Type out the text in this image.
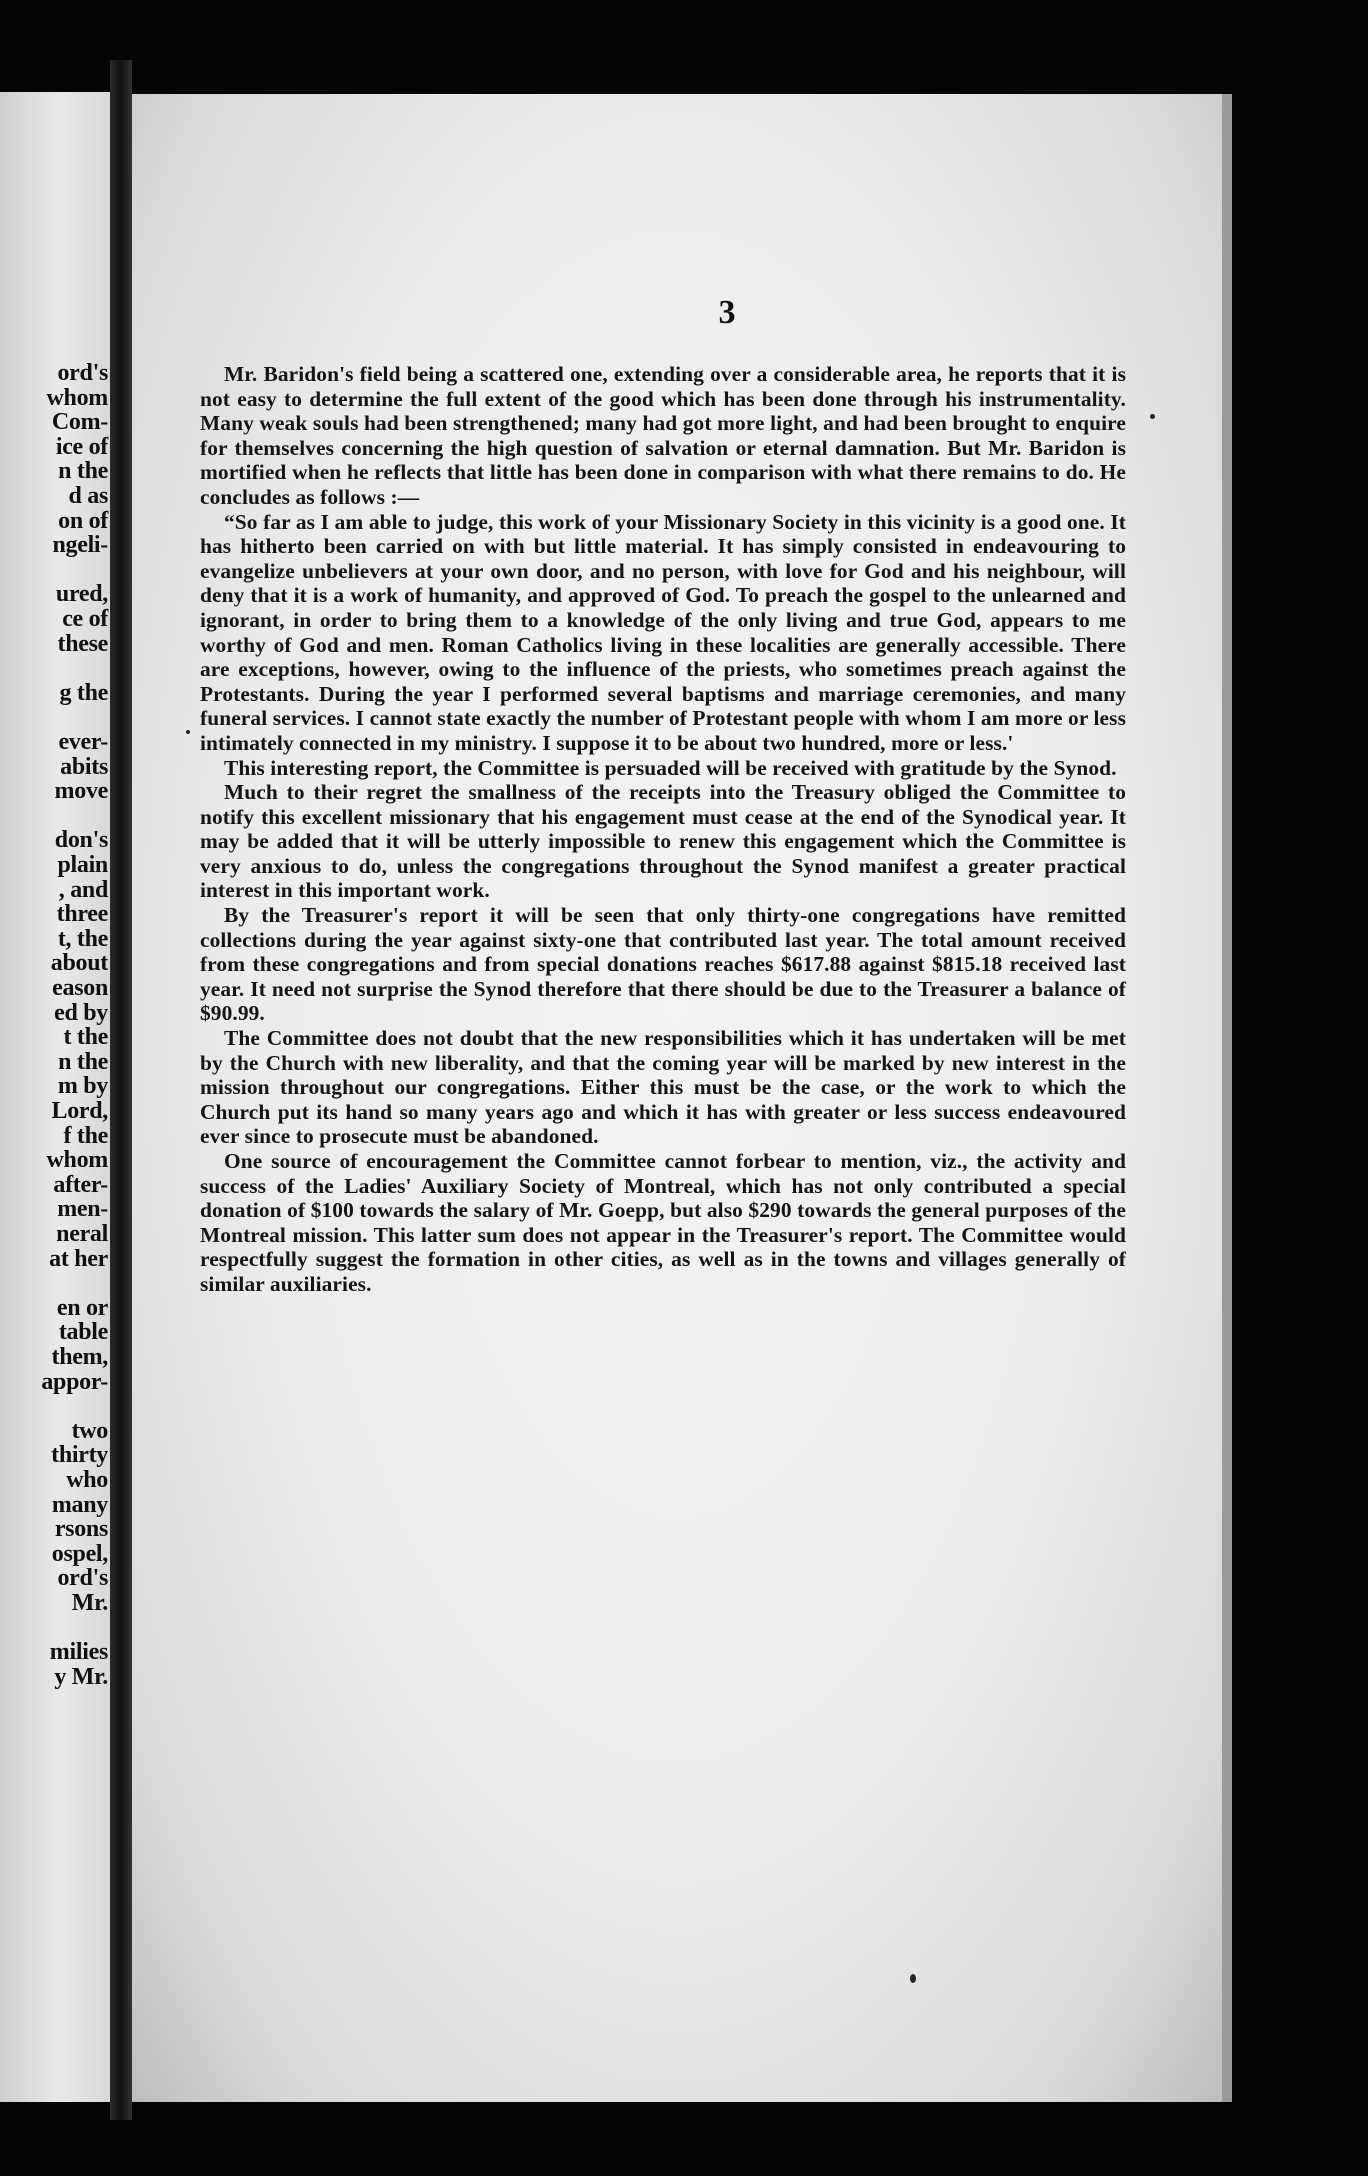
ord's
whom
Com-
ice of
n the
d as
on of
ngeli-
ured,
ce of
these
g the
ever-
abits
move
don's
plain
, and
three
t, the
about
eason
ed by
t the
n the
m by
Lord,
f the
whom
after-
men-
neral
at her
en or
table
them,
appor-
two
thirty
who
many
rsons
ospel,
ord's
Mr.
milies
y Mr.
3

Mr. Baridon's field being a scattered one, extending over a considerable area, he reports that it is not easy to determine the full extent of the good which has been done through his instrumentality. Many weak souls had been strengthened; many had got more light, and had been brought to enquire for themselves concerning the high question of salvation or eternal damnation. But Mr. Baridon is mortified when he reflects that little has been done in comparison with what there remains to do. He concludes as follows :—

“So far as I am able to judge, this work of your Missionary Society in this vicinity is a good one. It has hitherto been carried on with but little material. It has simply consisted in endeavouring to evangelize unbelievers at your own door, and no person, with love for God and his neighbour, will deny that it is a work of humanity, and approved of God. To preach the gospel to the unlearned and ignorant, in order to bring them to a knowledge of the only living and true God, appears to me worthy of God and men. Roman Catholics living in these localities are generally accessible. There are exceptions, however, owing to the influence of the priests, who sometimes preach against the Protestants. During the year I performed several baptisms and marriage ceremonies, and many funeral services. I cannot state exactly the number of Protestant people with whom I am more or less intimately connected in my ministry. I suppose it to be about two hundred, more or less.'

This interesting report, the Committee is persuaded will be received with gratitude by the Synod.

Much to their regret the smallness of the receipts into the Treasury obliged the Committee to notify this excellent missionary that his engagement must cease at the end of the Synodical year. It may be added that it will be utterly impossible to renew this engagement which the Committee is very anxious to do, unless the congregations throughout the Synod manifest a greater practical interest in this important work.

By the Treasurer's report it will be seen that only thirty-one congregations have remitted collections during the year against sixty-one that contributed last year. The total amount received from these congregations and from special donations reaches $617.88 against $815.18 received last year. It need not surprise the Synod therefore that there should be due to the Treasurer a balance of $90.99.

The Committee does not doubt that the new responsibilities which it has undertaken will be met by the Church with new liberality, and that the coming year will be marked by new interest in the mission throughout our congregations. Either this must be the case, or the work to which the Church put its hand so many years ago and which it has with greater or less success endeavoured ever since to prosecute must be abandoned.

One source of encouragement the Committee cannot forbear to mention, viz., the activity and success of the Ladies' Auxiliary Society of Montreal, which has not only contributed a special donation of $100 towards the salary of Mr. Goepp, but also $290 towards the general purposes of the Montreal mission. This latter sum does not appear in the Treasurer's report. The Committee would respectfully suggest the formation in other cities, as well as in the towns and villages generally of similar auxiliaries.
